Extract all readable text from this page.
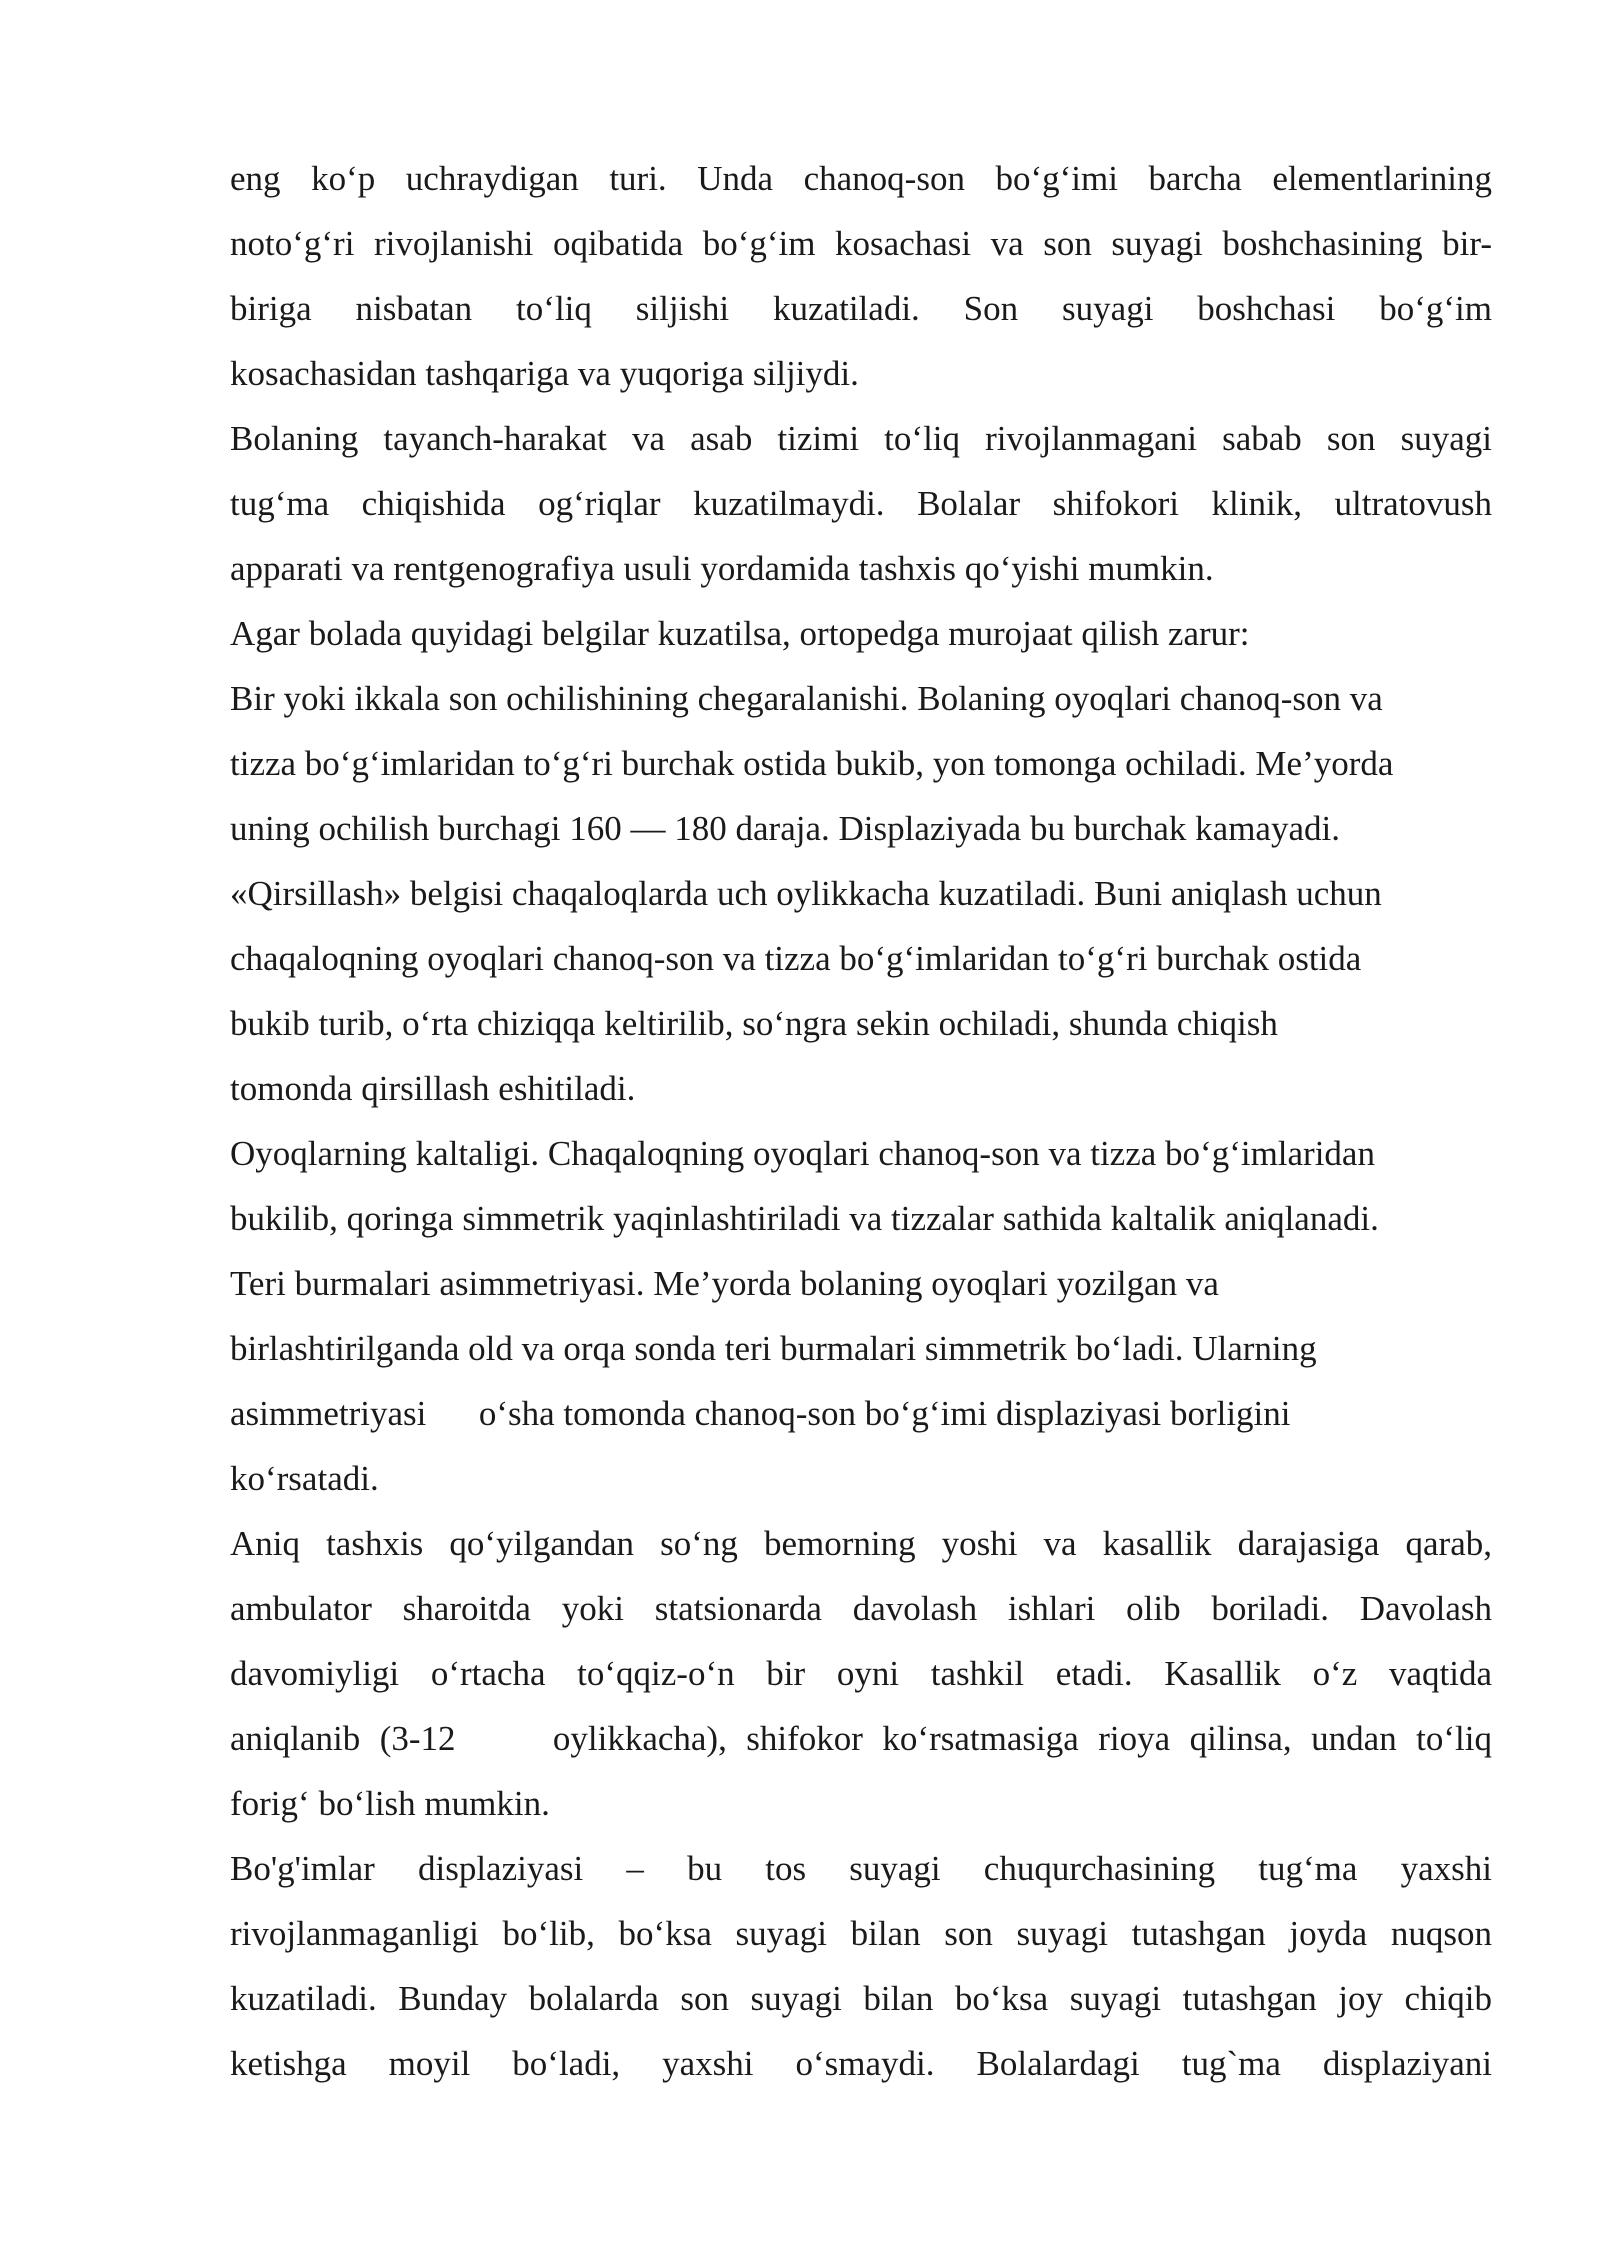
eng ko‘p uchraydigan turi. Unda chanoq-son bo‘g‘imi barcha elementlarining
noto‘g‘ri rivojlanishi oqibatida bo‘g‘im kosachasi va son suyagi boshchasining bir-
biriga nisbatan to‘liq siljishi kuzatiladi. Son suyagi boshchasi bo‘g‘im
kosachasidan tashqariga va yuqoriga siljiydi.

Bolaning tayanch-harakat va asab tizimi to‘liq rivojlanmagani sabab son suyagi
tug‘ma chiqishida og‘riqlar kuzatilmaydi. Bolalar shifokori klinik, ultratovush
apparati va rentgenografiya usuli yordamida tashxis qo‘yishi mumkin.

Agar bolada quyidagi belgilar kuzatilsa, ortopedga murojaat qilish zarur:

Bir yoki ikkala son ochilishining chegaralanishi. Bolaning oyoqlari chanoq-son va
tizza bo‘g‘imlaridan to‘g‘ri burchak ostida bukib, yon tomonga ochiladi. Me’yorda
uning ochilish burchagi 160 — 180 daraja. Displaziyada bu burchak kamayadi.

«Qirsillash» belgisi chaqaloqlarda uch oylikkacha kuzatiladi. Buni aniqlash uchun
chaqaloqning oyoqlari chanoq-son va tizza bo‘g‘imlaridan to‘g‘ri burchak ostida
bukib turib, o‘rta chiziqqa keltirilib, so‘ngra sekin ochiladi, shunda chiqish
tomonda qirsillash eshitiladi.

Oyoqlarning kaltaligi. Chaqaloqning oyoqlari chanoq-son va tizza bo‘g‘imlaridan
bukilib, qoringa simmetrik yaqinlashtiriladi va tizzalar sathida kaltalik aniqlanadi.

Teri burmalari asimmetriyasi. Me’yorda bolaning oyoqlari yozilgan va
birlashtirilganda old va orqa sonda teri burmalari simmetrik bo‘ladi. Ularning
asimmetriyasi      o‘sha tomonda chanoq-son bo‘g‘imi displaziyasi borligini
ko‘rsatadi.

Aniq tashxis qo‘yilgandan so‘ng bemorning yoshi va kasallik darajasiga qarab,
ambulator sharoitda yoki statsionarda davolash ishlari olib boriladi. Davolash
davomiyligi o‘rtacha to‘qqiz-o‘n bir oyni tashkil etadi. Kasallik o‘z vaqtida
aniqlanib (3-12     oylikkacha), shifokor ko‘rsatmasiga rioya qilinsa, undan to‘liq
forig‘ bo‘lish mumkin.

Bo'g'imlar displaziyasi – bu tos suyagi chuqurchasining tug‘ma yaxshi
rivojlanmaganligi bo‘lib, bo‘ksa suyagi bilan son suyagi tutashgan joyda nuqson
kuzatiladi. Bunday bolalarda son suyagi bilan bo‘ksa suyagi tutashgan joy chiqib
ketishga moyil bo‘ladi, yaxshi o‘smaydi. Bolalardagi tug`ma displaziyani
